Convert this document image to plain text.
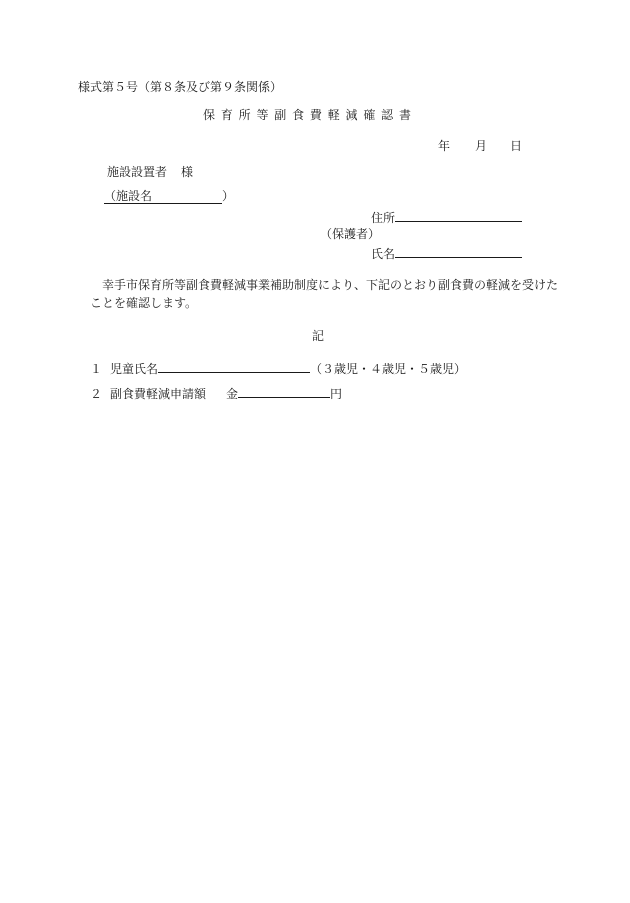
様式第５号（第８条及び第９条関係）
保 育 所 等 副 食 費 軽 減 確 認 書
年 月 日
施設設置者 様
（施設名	）
住所
（保護者）
氏名
幸手市保育所等副食費軽減事業補助制度により、下記のとおり副食費の軽減を受けた
ことを確認します。
記
１ 児童氏名	（３歳児・４歳児・５歳児）
２ 副食費軽減申請額 金	円
